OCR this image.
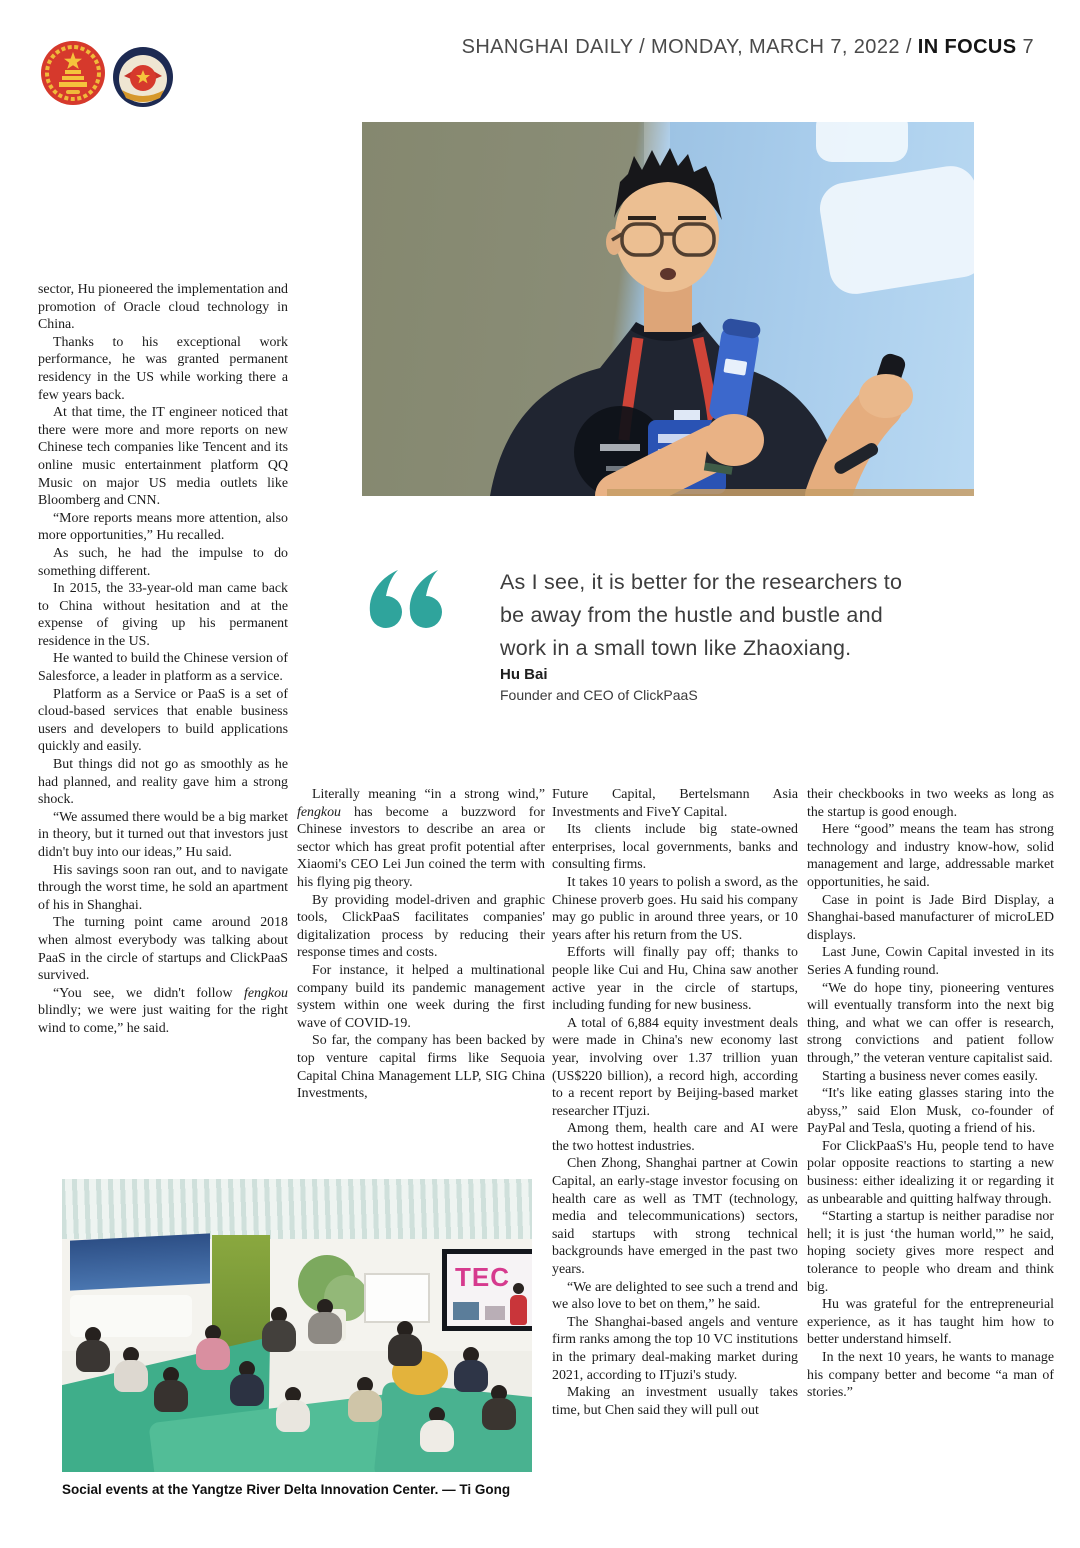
SHANGHAI DAILY / MONDAY, MARCH 7, 2022 / IN FOCUS 7
As I see, it is better for the researchers to be away from the hustle and bustle and work in a small town like Zhaoxiang.
Hu Bai
Founder and CEO of ClickPaaS

sector, Hu pioneered the implementation and promotion of Oracle cloud technology in China.

Thanks to his exceptional work performance, he was granted permanent residency in the US while working there a few years back.

At that time, the IT engineer noticed that there were more and more reports on new Chinese tech companies like Tencent and its online music entertainment platform QQ Music on major US media outlets like Bloomberg and CNN.

“More reports means more attention, also more opportunities,” Hu recalled.

As such, he had the impulse to do something different.

In 2015, the 33-year-old man came back to China without hesitation and at the expense of giving up his permanent residence in the US.

He wanted to build the Chinese version of Salesforce, a leader in platform as a service.

Platform as a Service or PaaS is a set of cloud-based services that enable business users and developers to build applications quickly and easily.

But things did not go as smoothly as he had planned, and reality gave him a strong shock.

“We assumed there would be a big market in theory, but it turned out that investors just didn't buy into our ideas,” Hu said.

His savings soon ran out, and to navigate through the worst time, he sold an apartment of his in Shanghai.

The turning point came around 2018 when almost everybody was talking about PaaS in the circle of startups and ClickPaaS survived.

“You see, we didn't follow fengkou blindly; we were just waiting for the right wind to come,” he said.

Literally meaning “in a strong wind,” fengkou has become a buzzword for Chinese investors to describe an area or sector which has great profit potential after Xiaomi's CEO Lei Jun coined the term with his flying pig theory.

By providing model-driven and graphic tools, ClickPaaS facilitates companies' digitalization process by reducing their response times and costs.

For instance, it helped a multinational company build its pandemic management system within one week during the first wave of COVID-19.

So far, the company has been backed by top venture capital firms like Sequoia Capital China Management LLP, SIG China Investments,

Future Capital, Bertelsmann Asia Investments and FiveY Capital.

Its clients include big state-owned enterprises, local governments, banks and consulting firms.

It takes 10 years to polish a sword, as the Chinese proverb goes. Hu said his company may go public in around three years, or 10 years after his return from the US.

Efforts will finally pay off; thanks to people like Cui and Hu, China saw another active year in the circle of startups, including funding for new business.

A total of 6,884 equity investment deals were made in China's new economy last year, involving over 1.37 trillion yuan (US$220 billion), a record high, according to a recent report by Beijing-based market researcher ITjuzi.

Among them, health care and AI were the two hottest industries.

Chen Zhong, Shanghai partner at Cowin Capital, an early-stage investor focusing on health care as well as TMT (technology, media and telecommunications) sectors, said startups with strong technical backgrounds have emerged in the past two years.

“We are delighted to see such a trend and we also love to bet on them,” he said.

The Shanghai-based angels and venture firm ranks among the top 10 VC institutions in the primary deal-making market during 2021, according to ITjuzi's study.

Making an investment usually takes time, but Chen said they will pull out

their checkbooks in two weeks as long as the startup is good enough.

Here “good” means the team has strong technology and industry know-how, solid management and large, addressable market opportunities, he said.

Case in point is Jade Bird Display, a Shanghai-based manufacturer of microLED displays.

Last June, Cowin Capital invested in its Series A funding round.

“We do hope tiny, pioneering ventures will eventually transform into the next big thing, and what we can offer is research, strong convictions and patient follow through,” the veteran venture capitalist said.

Starting a business never comes easily.

“It's like eating glasses staring into the abyss,” said Elon Musk, co-founder of PayPal and Tesla, quoting a friend of his.

For ClickPaaS's Hu, people tend to have polar opposite reactions to starting a new business: either idealizing it or regarding it as unbearable and quitting halfway through.

“Starting a startup is neither paradise nor hell; it is just ‘the human world,'” he said, hoping society gives more respect and tolerance to people who dream and think big.

Hu was grateful for the entrepreneurial experience, as it has taught him how to better understand himself.

In the next 10 years, he wants to manage his company better and become “a man of stories.”

TEC
Social events at the Yangtze River Delta Innovation Center. — Ti Gong
